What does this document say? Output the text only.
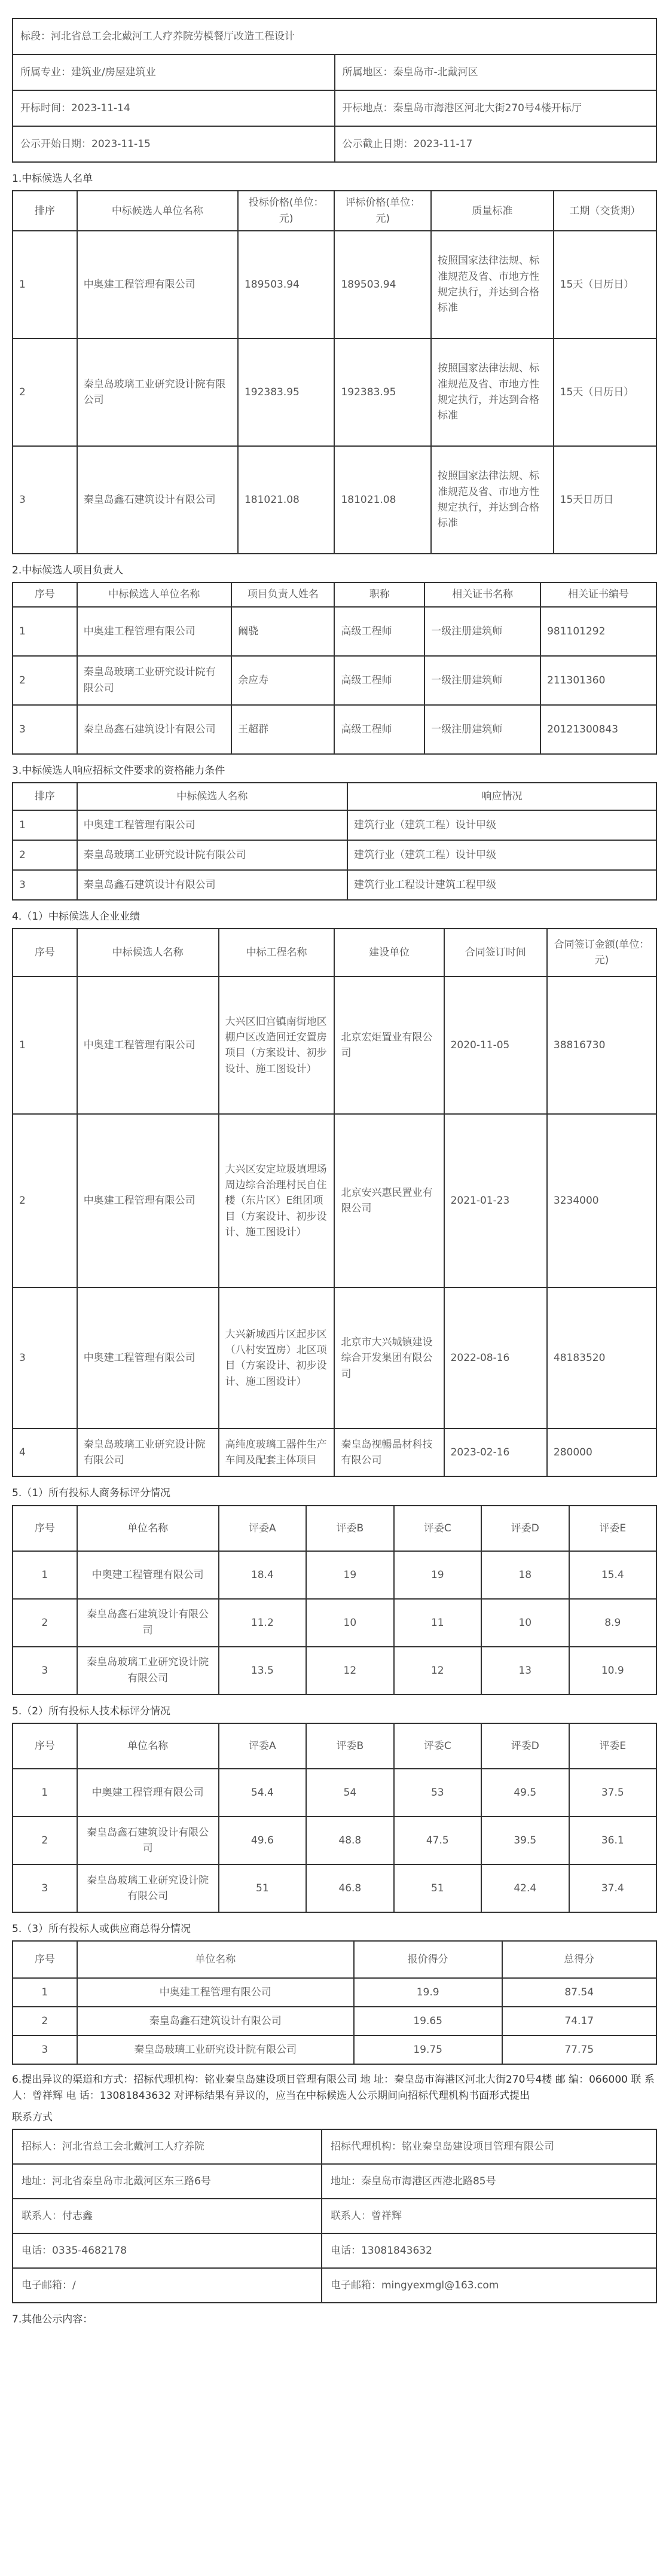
标段：河北省总工会北戴河工人疗养院劳模餐厅改造工程设计	
所属专业：建筑业/房屋建筑业	所属地区：秦皇岛市-北戴河区
开标时间：2023-11-14	开标地点：秦皇岛市海港区河北大街270号4楼开标厅
公示开始日期：2023-11-15	公示截止日期：2023-11-17
1.中标候选人名单
排序	中标候选人单位名称	投标价格(单位：元)	评标价格(单位：元)	质量标准	工期（交货期）
1	中奥建工程管理有限公司	189503.94	189503.94	按照国家法律法规、标准规范及省、市地方性规定执行，并达到合格标准	15天（日历日）
2	秦皇岛玻璃工业研究设计院有限公司	192383.95	192383.95	按照国家法律法规、标准规范及省、市地方性规定执行，并达到合格标准	15天（日历日）
3	秦皇岛鑫石建筑设计有限公司	181021.08	181021.08	按照国家法律法规、标准规范及省、市地方性规定执行，并达到合格标准	15天日历日
2.中标候选人项目负责人
序号	中标候选人单位名称	项目负责人姓名	职称	相关证书名称	相关证书编号
1	中奥建工程管理有限公司	阚骁	高级工程师	一级注册建筑师	981101292
2	秦皇岛玻璃工业研究设计院有限公司	余应寿	高级工程师	一级注册建筑师	211301360
3	秦皇岛鑫石建筑设计有限公司	王超群	高级工程师	一级注册建筑师	20121300843
3.中标候选人响应招标文件要求的资格能力条件
排序	中标候选人名称	响应情况
1	中奥建工程管理有限公司	建筑行业（建筑工程）设计甲级
2	秦皇岛玻璃工业研究设计院有限公司	建筑行业（建筑工程）设计甲级
3	秦皇岛鑫石建筑设计有限公司	建筑行业工程设计建筑工程甲级
4.（1）中标候选人企业业绩
序号	中标候选人名称	中标工程名称	建设单位	合同签订时间	合同签订金额(单位：元)
1	中奥建工程管理有限公司	大兴区旧宫镇南街地区棚户区改造回迁安置房项目（方案设计、初步设计、施工图设计）	北京宏炬置业有限公司	2020-11-05	38816730
2	中奥建工程管理有限公司	大兴区安定垃圾填埋场周边综合治理村民自住楼（东片区）E组团项目（方案设计、初步设计、施工图设计）	北京安兴惠民置业有限公司	2021-01-23	3234000
3	中奥建工程管理有限公司	大兴新城西片区起步区（八村安置房）北区项目（方案设计、初步设计、施工图设计）	北京市大兴城镇建设综合开发集团有限公司	2022-08-16	48183520
4	秦皇岛玻璃工业研究设计院有限公司	高纯度玻璃工器件生产车间及配套主体项目	秦皇岛视暢晶材科技有限公司	2023-02-16	280000
5.（1）所有投标人商务标评分情况
序号	单位名称	评委A	评委B	评委C	评委D	评委E
1	中奥建工程管理有限公司	18.4	19	19	18	15.4
2	秦皇岛鑫石建筑设计有限公司	11.2	10	11	10	8.9
3	秦皇岛玻璃工业研究设计院有限公司	13.5	12	12	13	10.9
5.（2）所有投标人技术标评分情况
序号	单位名称	评委A	评委B	评委C	评委D	评委E
1	中奥建工程管理有限公司	54.4	54	53	49.5	37.5
2	秦皇岛鑫石建筑设计有限公司	49.6	48.8	47.5	39.5	36.1
3	秦皇岛玻璃工业研究设计院有限公司	51	46.8	51	42.4	37.4
5.（3）所有投标人或供应商总得分情况
序号	单位名称	报价得分	总得分
1	中奥建工程管理有限公司	19.9	87.54
2	秦皇岛鑫石建筑设计有限公司	19.65	74.17
3	秦皇岛玻璃工业研究设计院有限公司	19.75	77.75

6.提出异议的渠道和方式：招标代理机构：铭业秦皇岛建设项目管理有限公司 地 址：秦皇岛市海港区河北大街270号4楼 邮 编：066000 联 系 人：曾祥辉 电 话：13081843632 对评标结果有异议的，应当在中标候选人公示期间向招标代理机构书面形式提出

联系方式
招标人：河北省总工会北戴河工人疗养院	招标代理机构：铭业秦皇岛建设项目管理有限公司
地址：河北省秦皇岛市北戴河区东三路6号	地址：秦皇岛市海港区西港北路85号
联系人：付志鑫	联系人：曾祥辉
电话：0335-4682178	电话：13081843632
电子邮箱：/	电子邮箱：mingyexmgl@163.com
7.其他公示内容：
